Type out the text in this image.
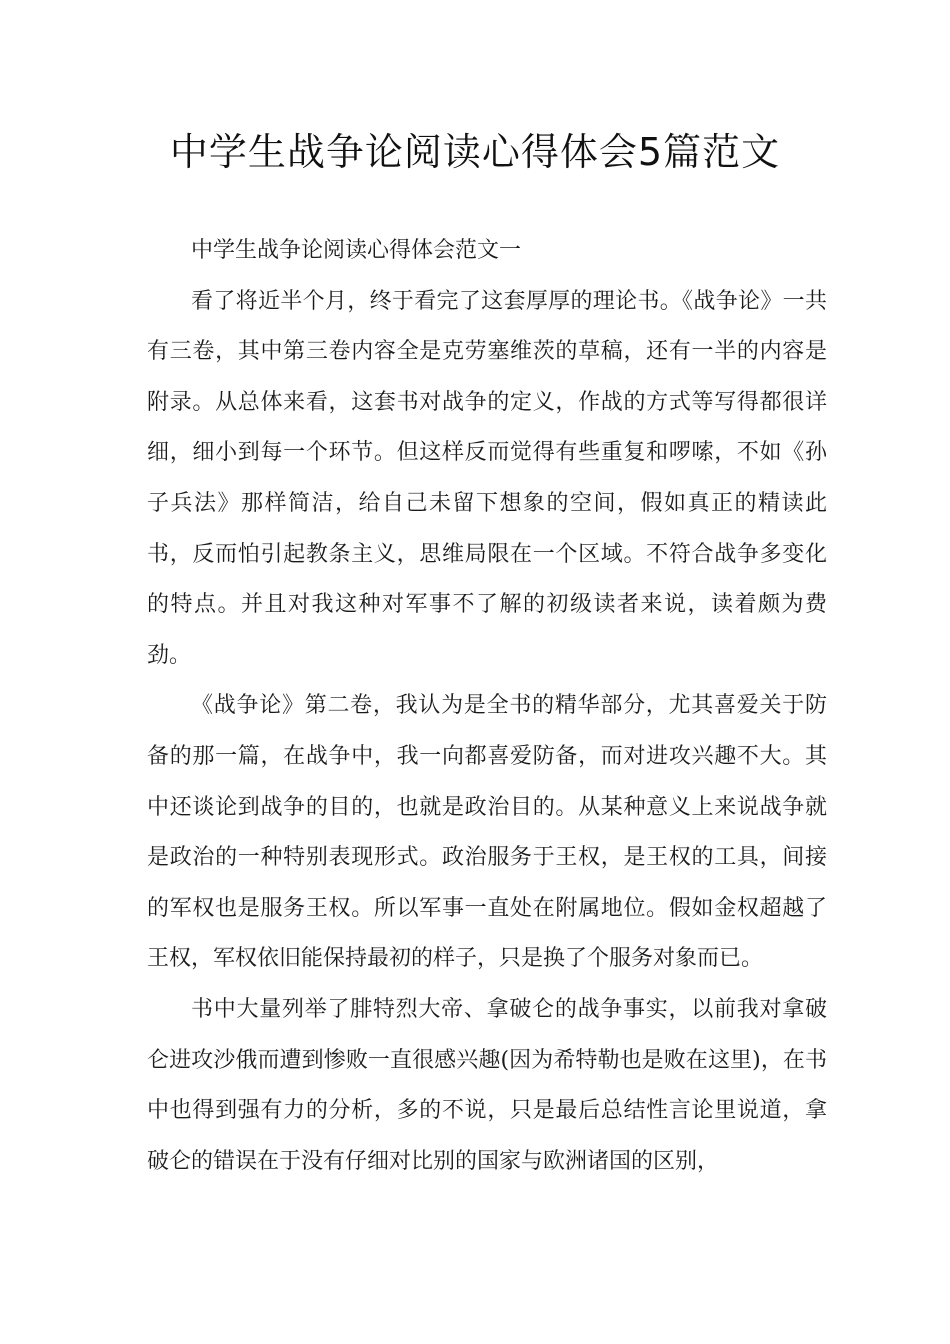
中学生战争论阅读心得体会5篇范文

中学生战争论阅读心得体会范文一

看了将近半个月，终于看完了这套厚厚的理论书。《战争论》一共有三卷，其中第三卷内容全是克劳塞维茨的草稿，还有一半的内容是附录。从总体来看，这套书对战争的定义，作战的方式等写得都很详细，细小到每一个环节。但这样反而觉得有些重复和啰嗦，不如《孙子兵法》那样简洁，给自己未留下想象的空间，假如真正的精读此书，反而怕引起教条主义，思维局限在一个区域。不符合战争多变化的特点。并且对我这种对军事不了解的初级读者来说，读着颇为费劲。

《战争论》第二卷，我认为是全书的精华部分，尤其喜爱关于防备的那一篇，在战争中，我一向都喜爱防备，而对进攻兴趣不大。其中还谈论到战争的目的，也就是政治目的。从某种意义上来说战争就是政治的一种特别表现形式。政治服务于王权，是王权的工具，间接的军权也是服务王权。所以军事一直处在附属地位。假如金权超越了王权，军权依旧能保持最初的样子，只是换了个服务对象而已。

书中大量列举了腓特烈大帝、拿破仑的战争事实，以前我对拿破仑进攻沙俄而遭到惨败一直很感兴趣(因为希特勒也是败在这里)，在书中也得到强有力的分析，多的不说，只是最后总结性言论里说道，拿破仑的错误在于没有仔细对比别的国家与欧洲诸国的区别，
